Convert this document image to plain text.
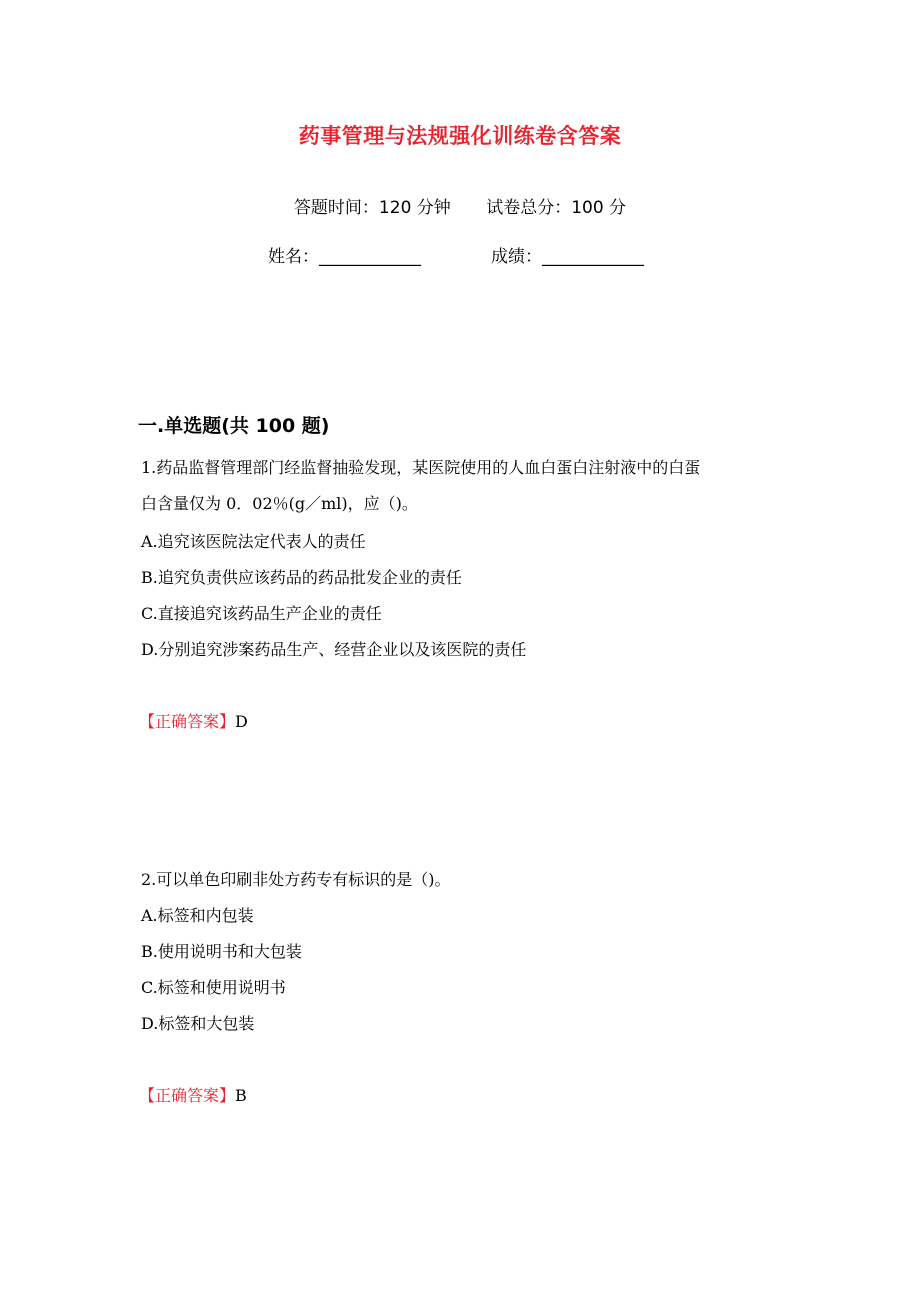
药事管理与法规强化训练卷含答案
答题时间：120 分钟 试卷总分：100 分
姓名：____________	成绩：____________
一.单选题(共 100 题)
1.药品监督管理部门经监督抽验发现，某医院使用的人血白蛋白注射液中的白蛋
白含量仅为 0．02％(g／ml)，应（)。
A.追究该医院法定代表人的责任
B.追究负责供应该药品的药品批发企业的责任
C.直接追究该药品生产企业的责任
D.分别追究涉案药品生产、经营企业以及该医院的责任
【正确答案】D
2.可以单色印刷非处方药专有标识的是（)。
A.标签和内包装
B.使用说明书和大包装
C.标签和使用说明书
D.标签和大包装
【正确答案】B
